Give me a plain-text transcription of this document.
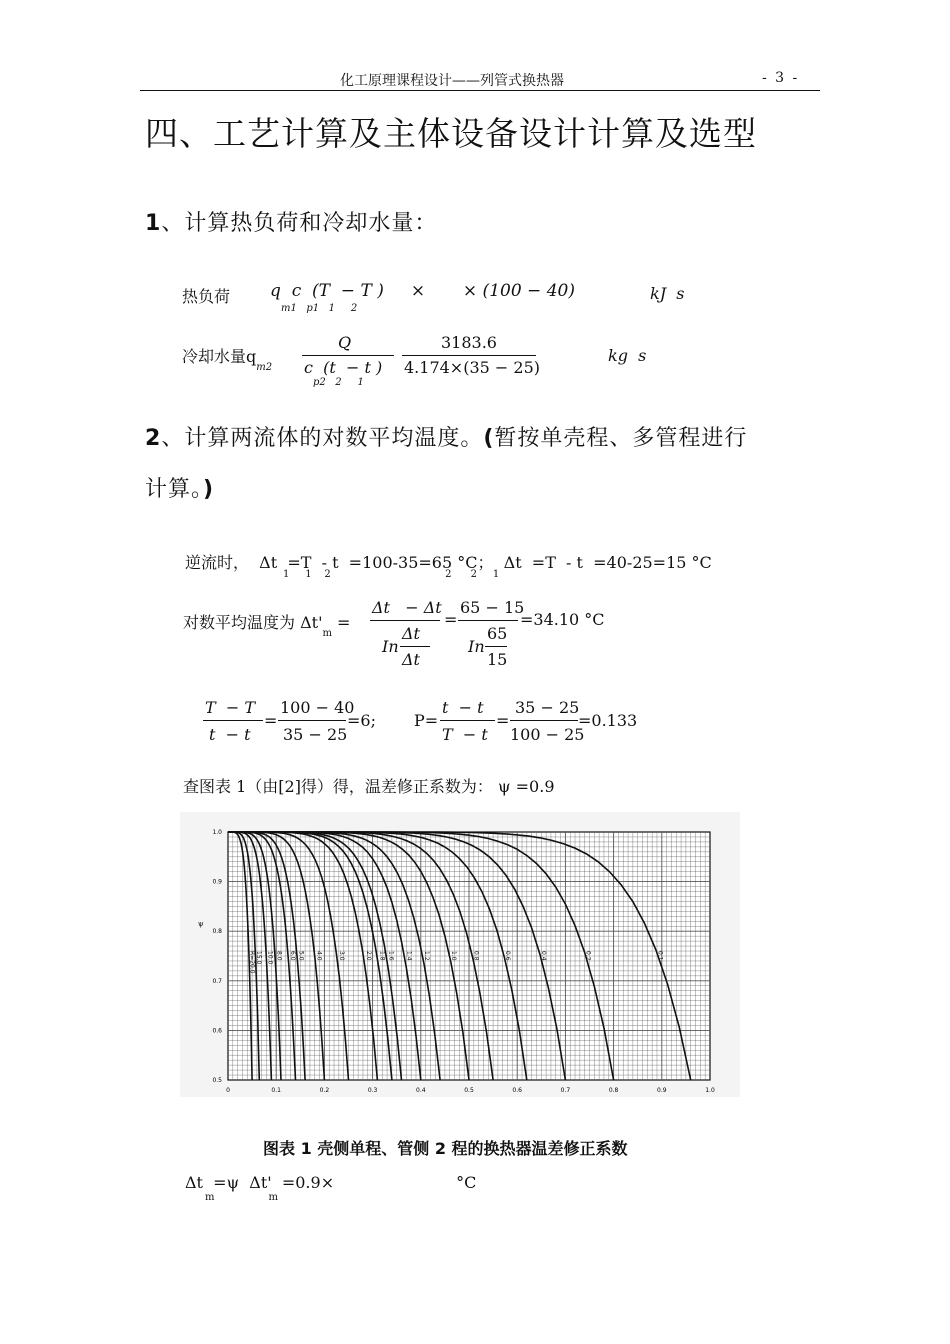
化工原理课程设计——列管式换热器	- 3 -
四、工艺计算及主体设备设计计算及选型
1、计算热负荷和冷却水量：
热负荷 q  c  (T  − T )     ×       × (100 − 40)
m1   p1   1     2
kJ  s
冷却水量$q_{m2}$
Q
c  (t  − t )
p2   2     1
3183.6
4.174×(35 − 25)
kg  s
2、计算两流体的对数平均温度。(暂按单壳程、多管程进行
计算。)
逆流时，  Δt  =T  - t  =100-35=65 °C；  Δt  =T  - t  =40-25=15 °C
1     1    2                                    2      2     1
对数平均温度为 $\Delta t'_m$ =
Δt   − Δt
Δt
In
Δt
=
65 − 15
In
65
15
=34.10 °C
T  − T
t  − t
=
100 − 40
35 − 25
=6; P=
t  − t
T  − t
=
35 − 25
100 − 25
=0.133
查图表 1（由[2]得）得，温差修正系数为： ψ =0.9
0	0.1	0.2	0.3	0.4	0.5	0.6	0.7	0.8	0.9	1.0
1.0
0.9
0.8
0.7
0.6
0.5
ψ
R=20.0 15.0 10.0 8.0 6.0 5.0 4.0	3.0	2.0 1.8 1.6 1.4 1.2	1.0	0.8	0.6	0.4	0.2	0.1
图表 1 壳侧单程、管侧 2 程的换热器温差修正系数
Δt  =ψ  Δt'  =0.9×                        °C
m                 m
